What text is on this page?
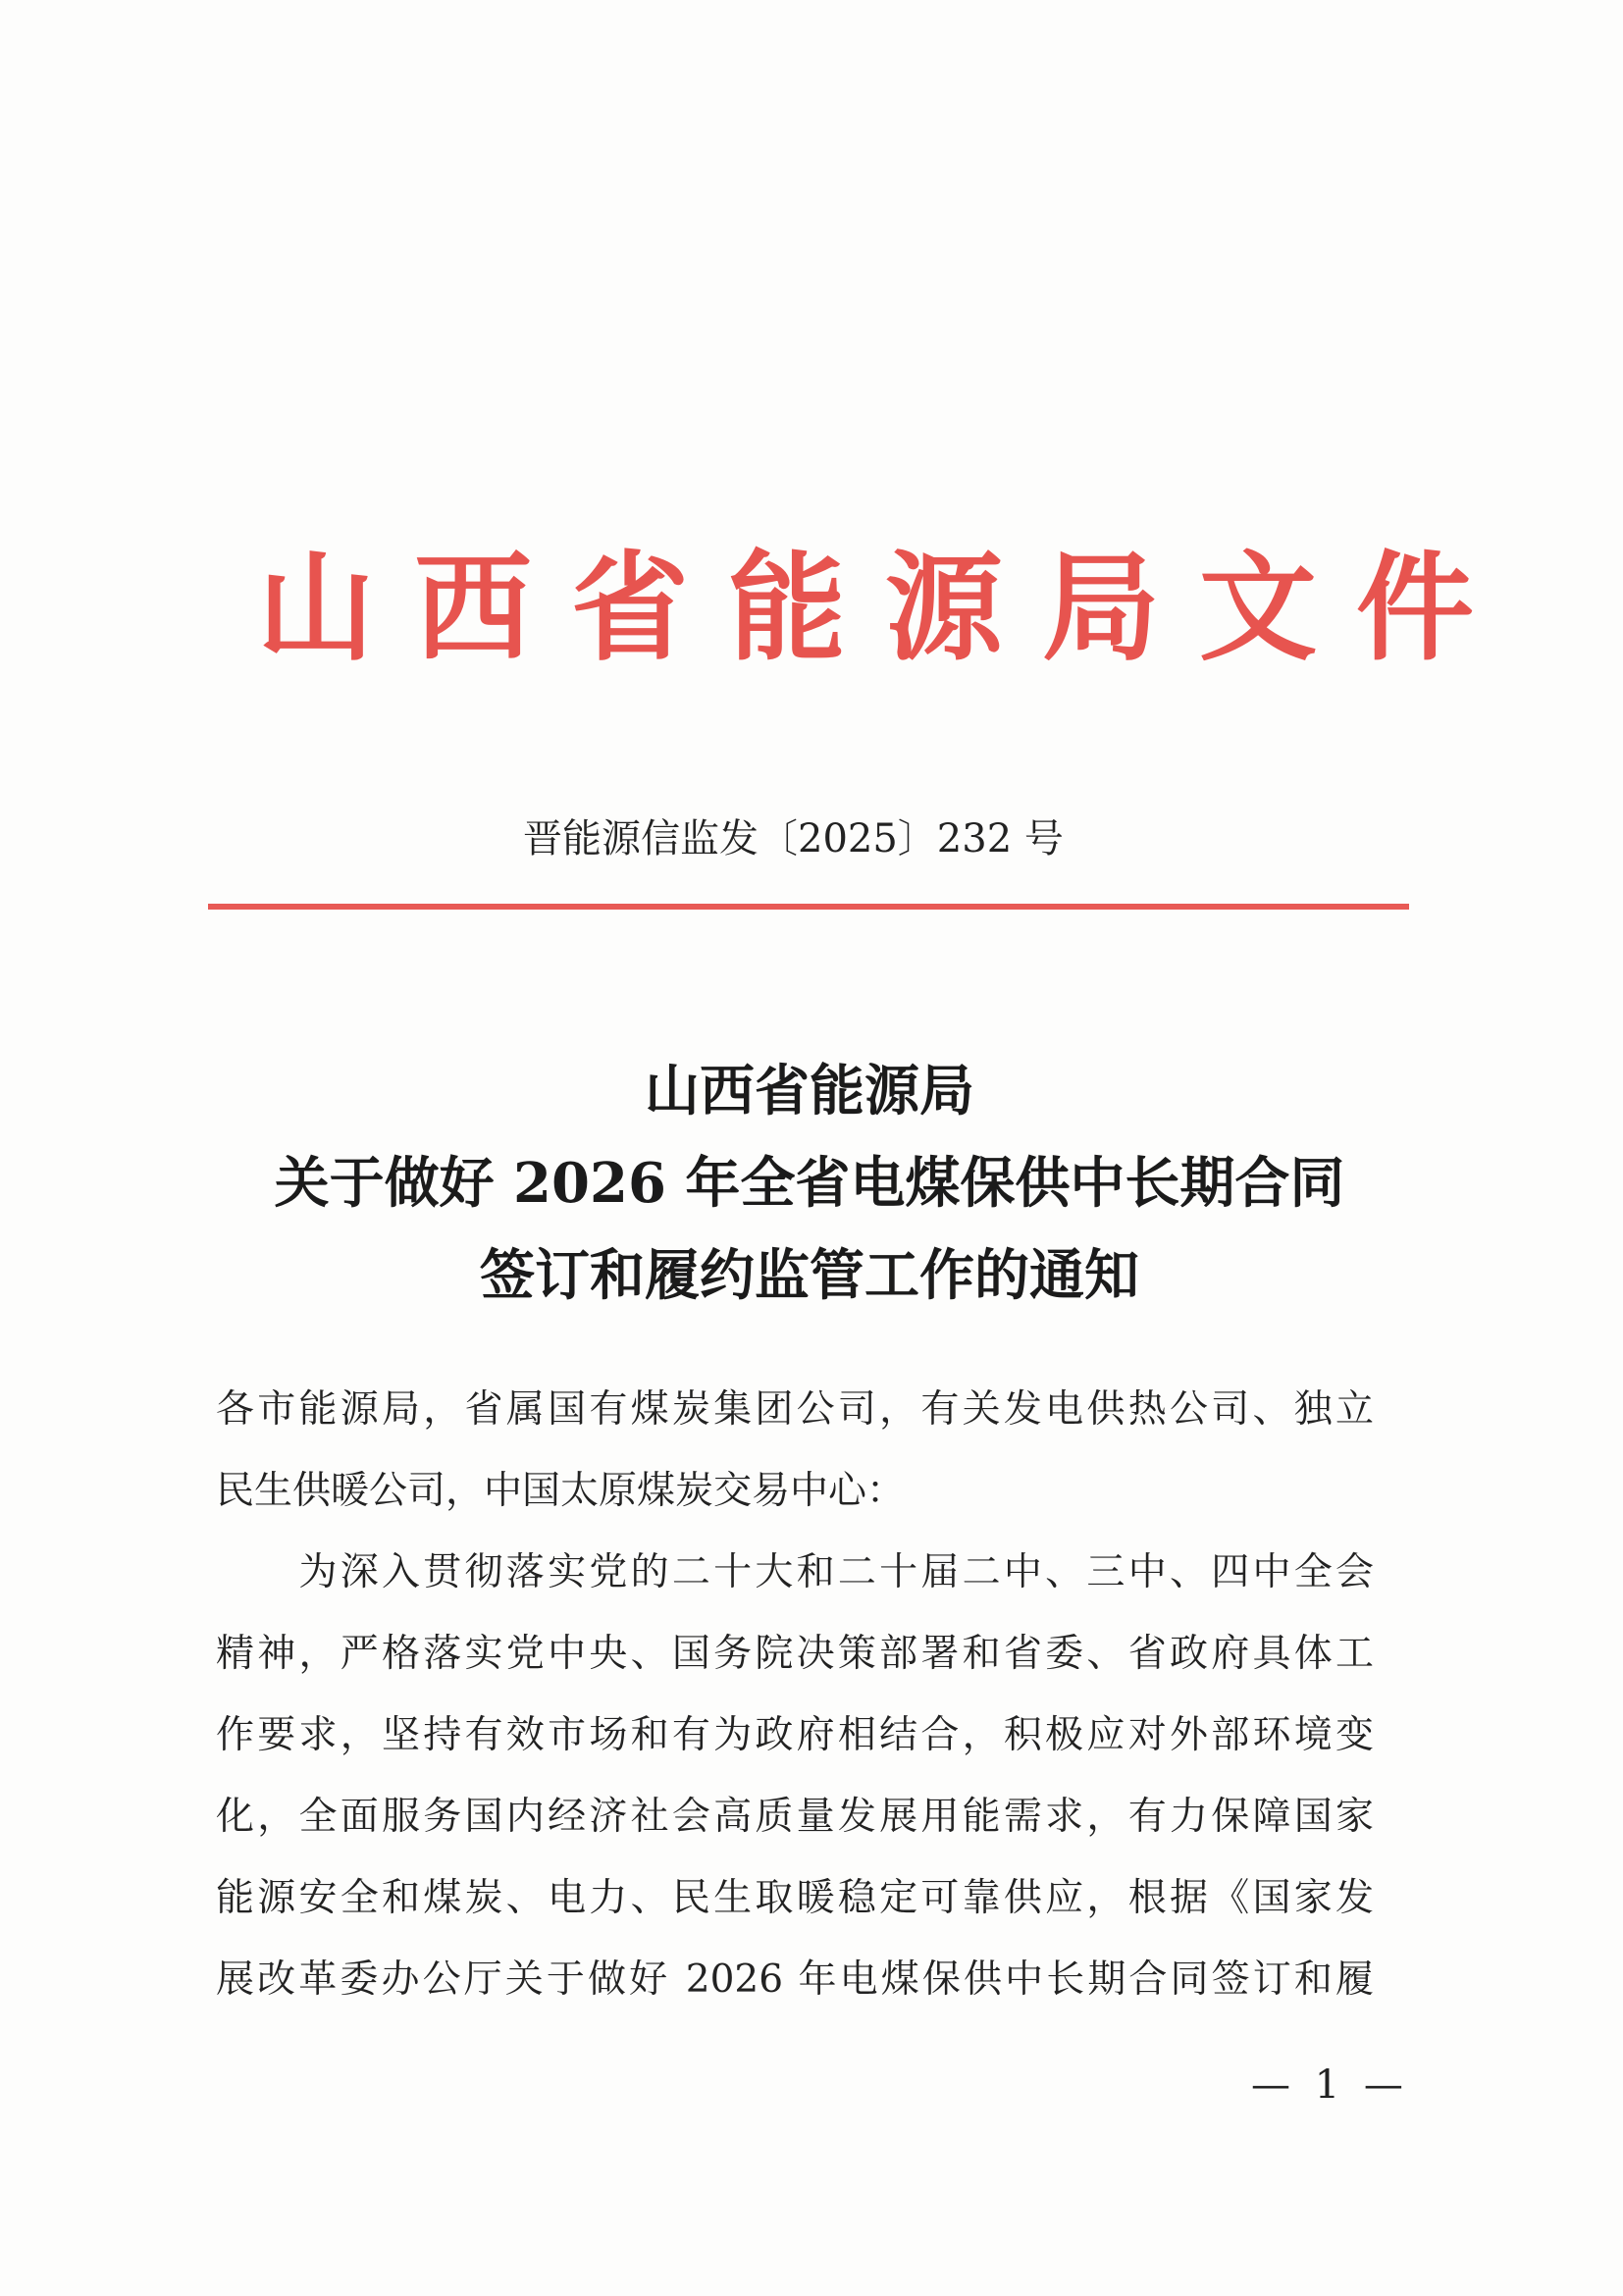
山西省能源局文件
晋能源信监发〔2025〕232 号
山西省能源局
关于做好 2026 年全省电煤保供中长期合同
签订和履约监管工作的通知
各市能源局，省属国有煤炭集团公司，有关发电供热公司、独立
民生供暖公司，中国太原煤炭交易中心：
　　为深入贯彻落实党的二十大和二十届二中、三中、四中全会
精神，严格落实党中央、国务院决策部署和省委、省政府具体工
作要求，坚持有效市场和有为政府相结合，积极应对外部环境变
化，全面服务国内经济社会高质量发展用能需求，有力保障国家
能源安全和煤炭、电力、民生取暖稳定可靠供应，根据《国家发
展改革委办公厅关于做好 2026 年电煤保供中长期合同签订和履
— 1 —
